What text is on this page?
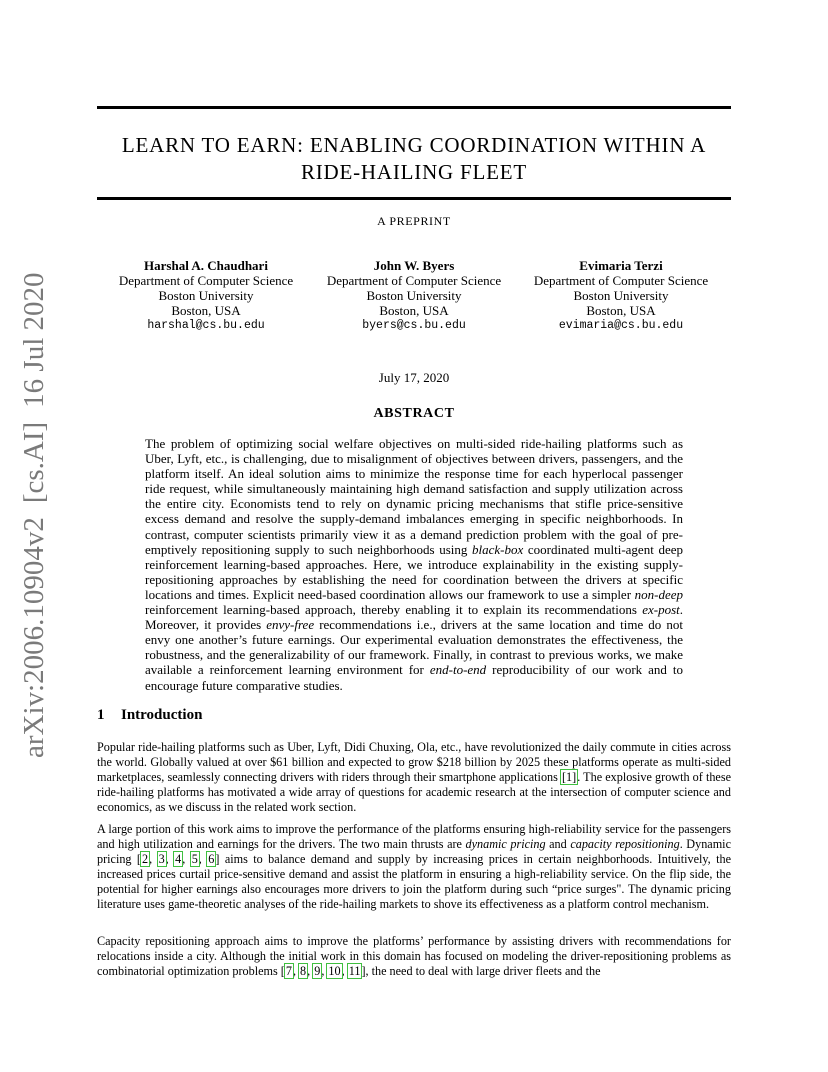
arXiv:2006.10904v2[cs.AI]16 Jul 2020
LEARN TO EARN: ENABLING COORDINATION WITHIN A
RIDE-HAILING FLEET
A PREPRINT
Harshal A. Chaudhari
Department of Computer Science
Boston University
Boston, USA
harshal@cs.bu.edu
John W. Byers
Department of Computer Science
Boston University
Boston, USA
byers@cs.bu.edu
Evimaria Terzi
Department of Computer Science
Boston University
Boston, USA
evimaria@cs.bu.edu
July 17, 2020
ABSTRACT
The problem of optimizing social welfare objectives on multi-sided ride-hailing platforms such as Uber, Lyft, etc., is challenging, due to misalignment of objectives between drivers, passengers, and the platform itself. An ideal solution aims to minimize the response time for each hyperlocal passenger ride request, while simultaneously maintaining high demand satisfaction and supply utilization across the entire city. Economists tend to rely on dynamic pricing mechanisms that stifle price-sensitive excess demand and resolve the supply-demand imbalances emerging in specific neighborhoods. In contrast, computer scientists primarily view it as a demand prediction problem with the goal of pre-emptively repositioning supply to such neighborhoods using black-box coordinated multi-agent deep reinforcement learning-based approaches. Here, we introduce explainability in the existing supply-repositioning approaches by establishing the need for coordination between the drivers at specific locations and times. Explicit need-based coordination allows our framework to use a simpler non-deep reinforcement learning-based approach, thereby enabling it to explain its recommendations ex-post. Moreover, it provides envy-free recommendations i.e., drivers at the same location and time do not envy one another’s future earnings. Our experimental evaluation demonstrates the effectiveness, the robustness, and the generalizability of our framework. Finally, in contrast to previous works, we make available a reinforcement learning environment for end-to-end reproducibility of our work and to encourage future comparative studies.
1 Introduction
Popular ride-hailing platforms such as Uber, Lyft, Didi Chuxing, Ola, etc., have revolutionized the daily commute in cities across the world. Globally valued at over $61 billion and expected to grow $218 billion by 2025 these platforms operate as multi-sided marketplaces, seamlessly connecting drivers with riders through their smartphone applications [1]. The explosive growth of these ride-hailing platforms has motivated a wide array of questions for academic research at the intersection of computer science and economics, as we discuss in the related work section.
A large portion of this work aims to improve the performance of the platforms ensuring high-reliability service for the passengers and high utilization and earnings for the drivers. The two main thrusts are dynamic pricing and capacity repositioning. Dynamic pricing [2, 3, 4, 5, 6] aims to balance demand and supply by increasing prices in certain neighborhoods. Intuitively, the increased prices curtail price-sensitive demand and assist the platform in ensuring a high-reliability service. On the flip side, the potential for higher earnings also encourages more drivers to join the platform during such “price surges". The dynamic pricing literature uses game-theoretic analyses of the ride-hailing markets to shove its effectiveness as a platform control mechanism.
Capacity repositioning approach aims to improve the platforms’ performance by assisting drivers with recommendations for relocations inside a city. Although the initial work in this domain has focused on modeling the driver-repositioning problems as combinatorial optimization problems [7, 8, 9, 10, 11], the need to deal with large driver fleets and the
